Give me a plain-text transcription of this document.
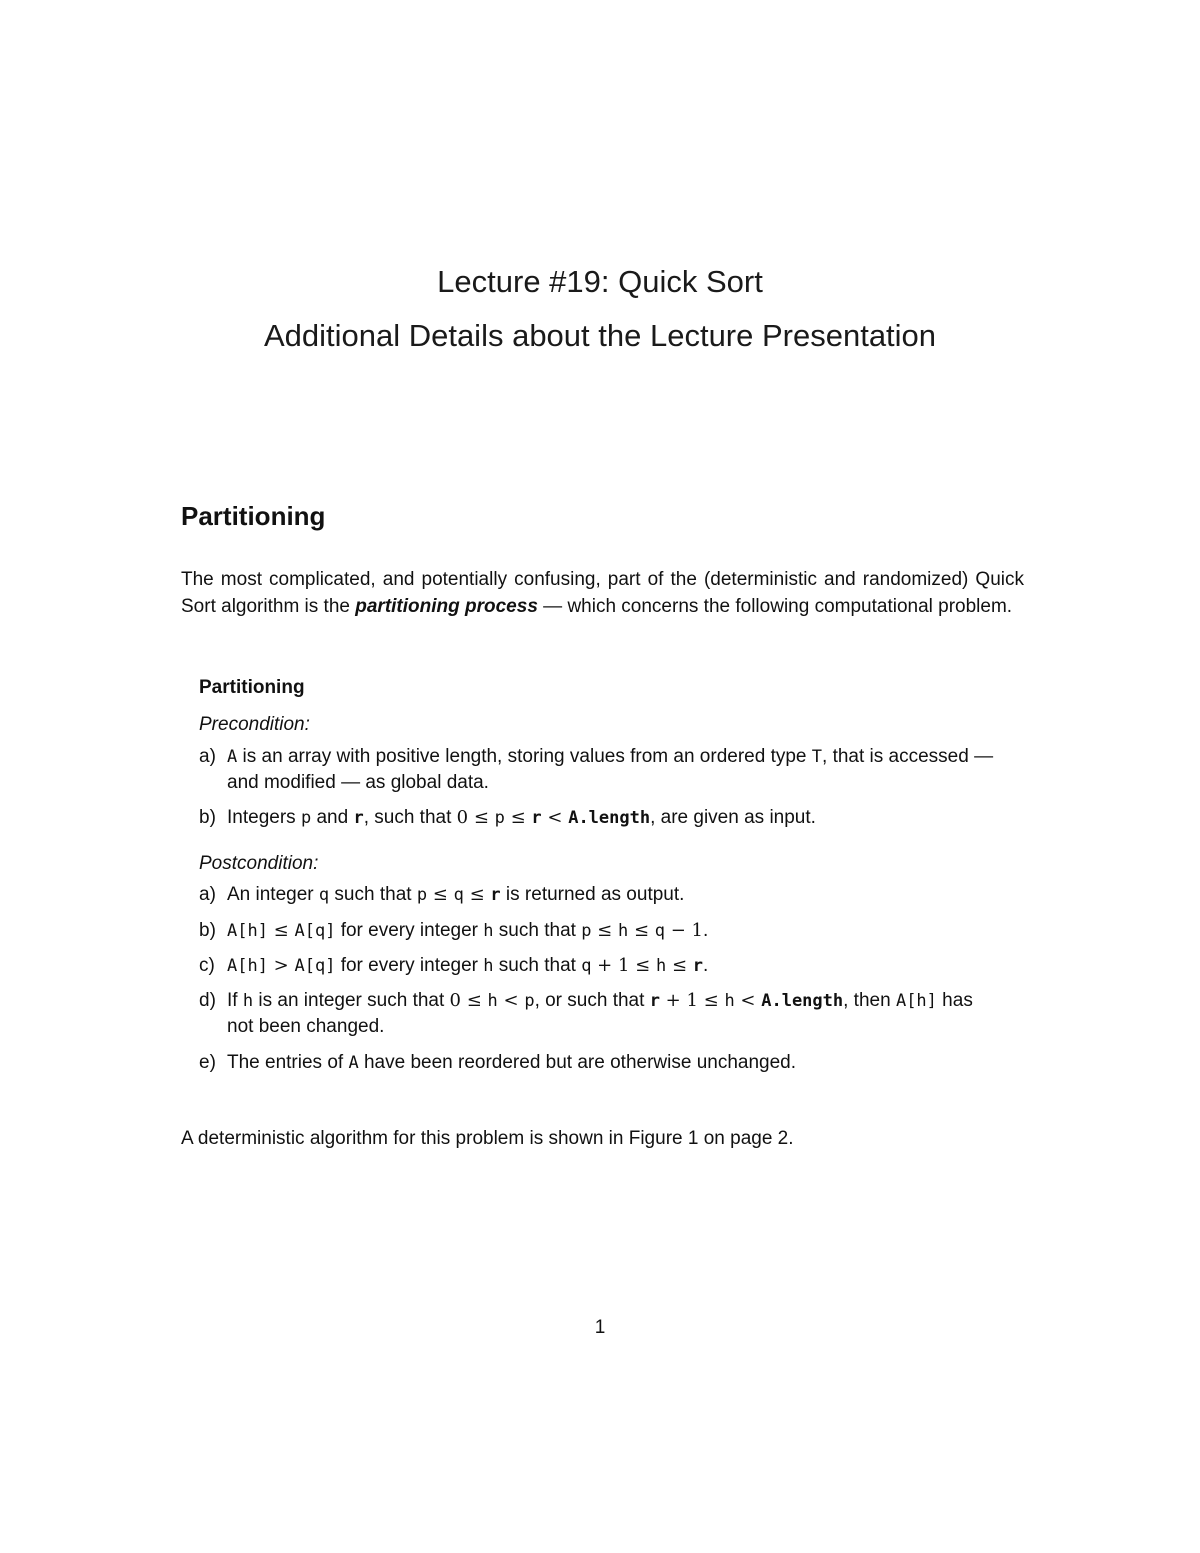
Lecture #19: Quick Sort
Additional Details about the Lecture Presentation
Partitioning
The most complicated, and potentially confusing, part of the (deterministic and randomized) Quick Sort algorithm is the partitioning process — which concerns the following computational problem.
Partitioning
Precondition:
a) A is an array with positive length, storing values from an ordered type T, that is accessed — and modified — as global data.
b) Integers p and r, such that 0 ≤ p ≤ r < A.length, are given as input.
Postcondition:
a) An integer q such that p ≤ q ≤ r is returned as output.
b) A[h] ≤ A[q] for every integer h such that p ≤ h ≤ q − 1.
c) A[h] > A[q] for every integer h such that q + 1 ≤ h ≤ r.
d) If h is an integer such that 0 ≤ h < p, or such that r + 1 ≤ h < A.length, then A[h] has not been changed.
e) The entries of A have been reordered but are otherwise unchanged.
A deterministic algorithm for this problem is shown in Figure 1 on page 2.
1
